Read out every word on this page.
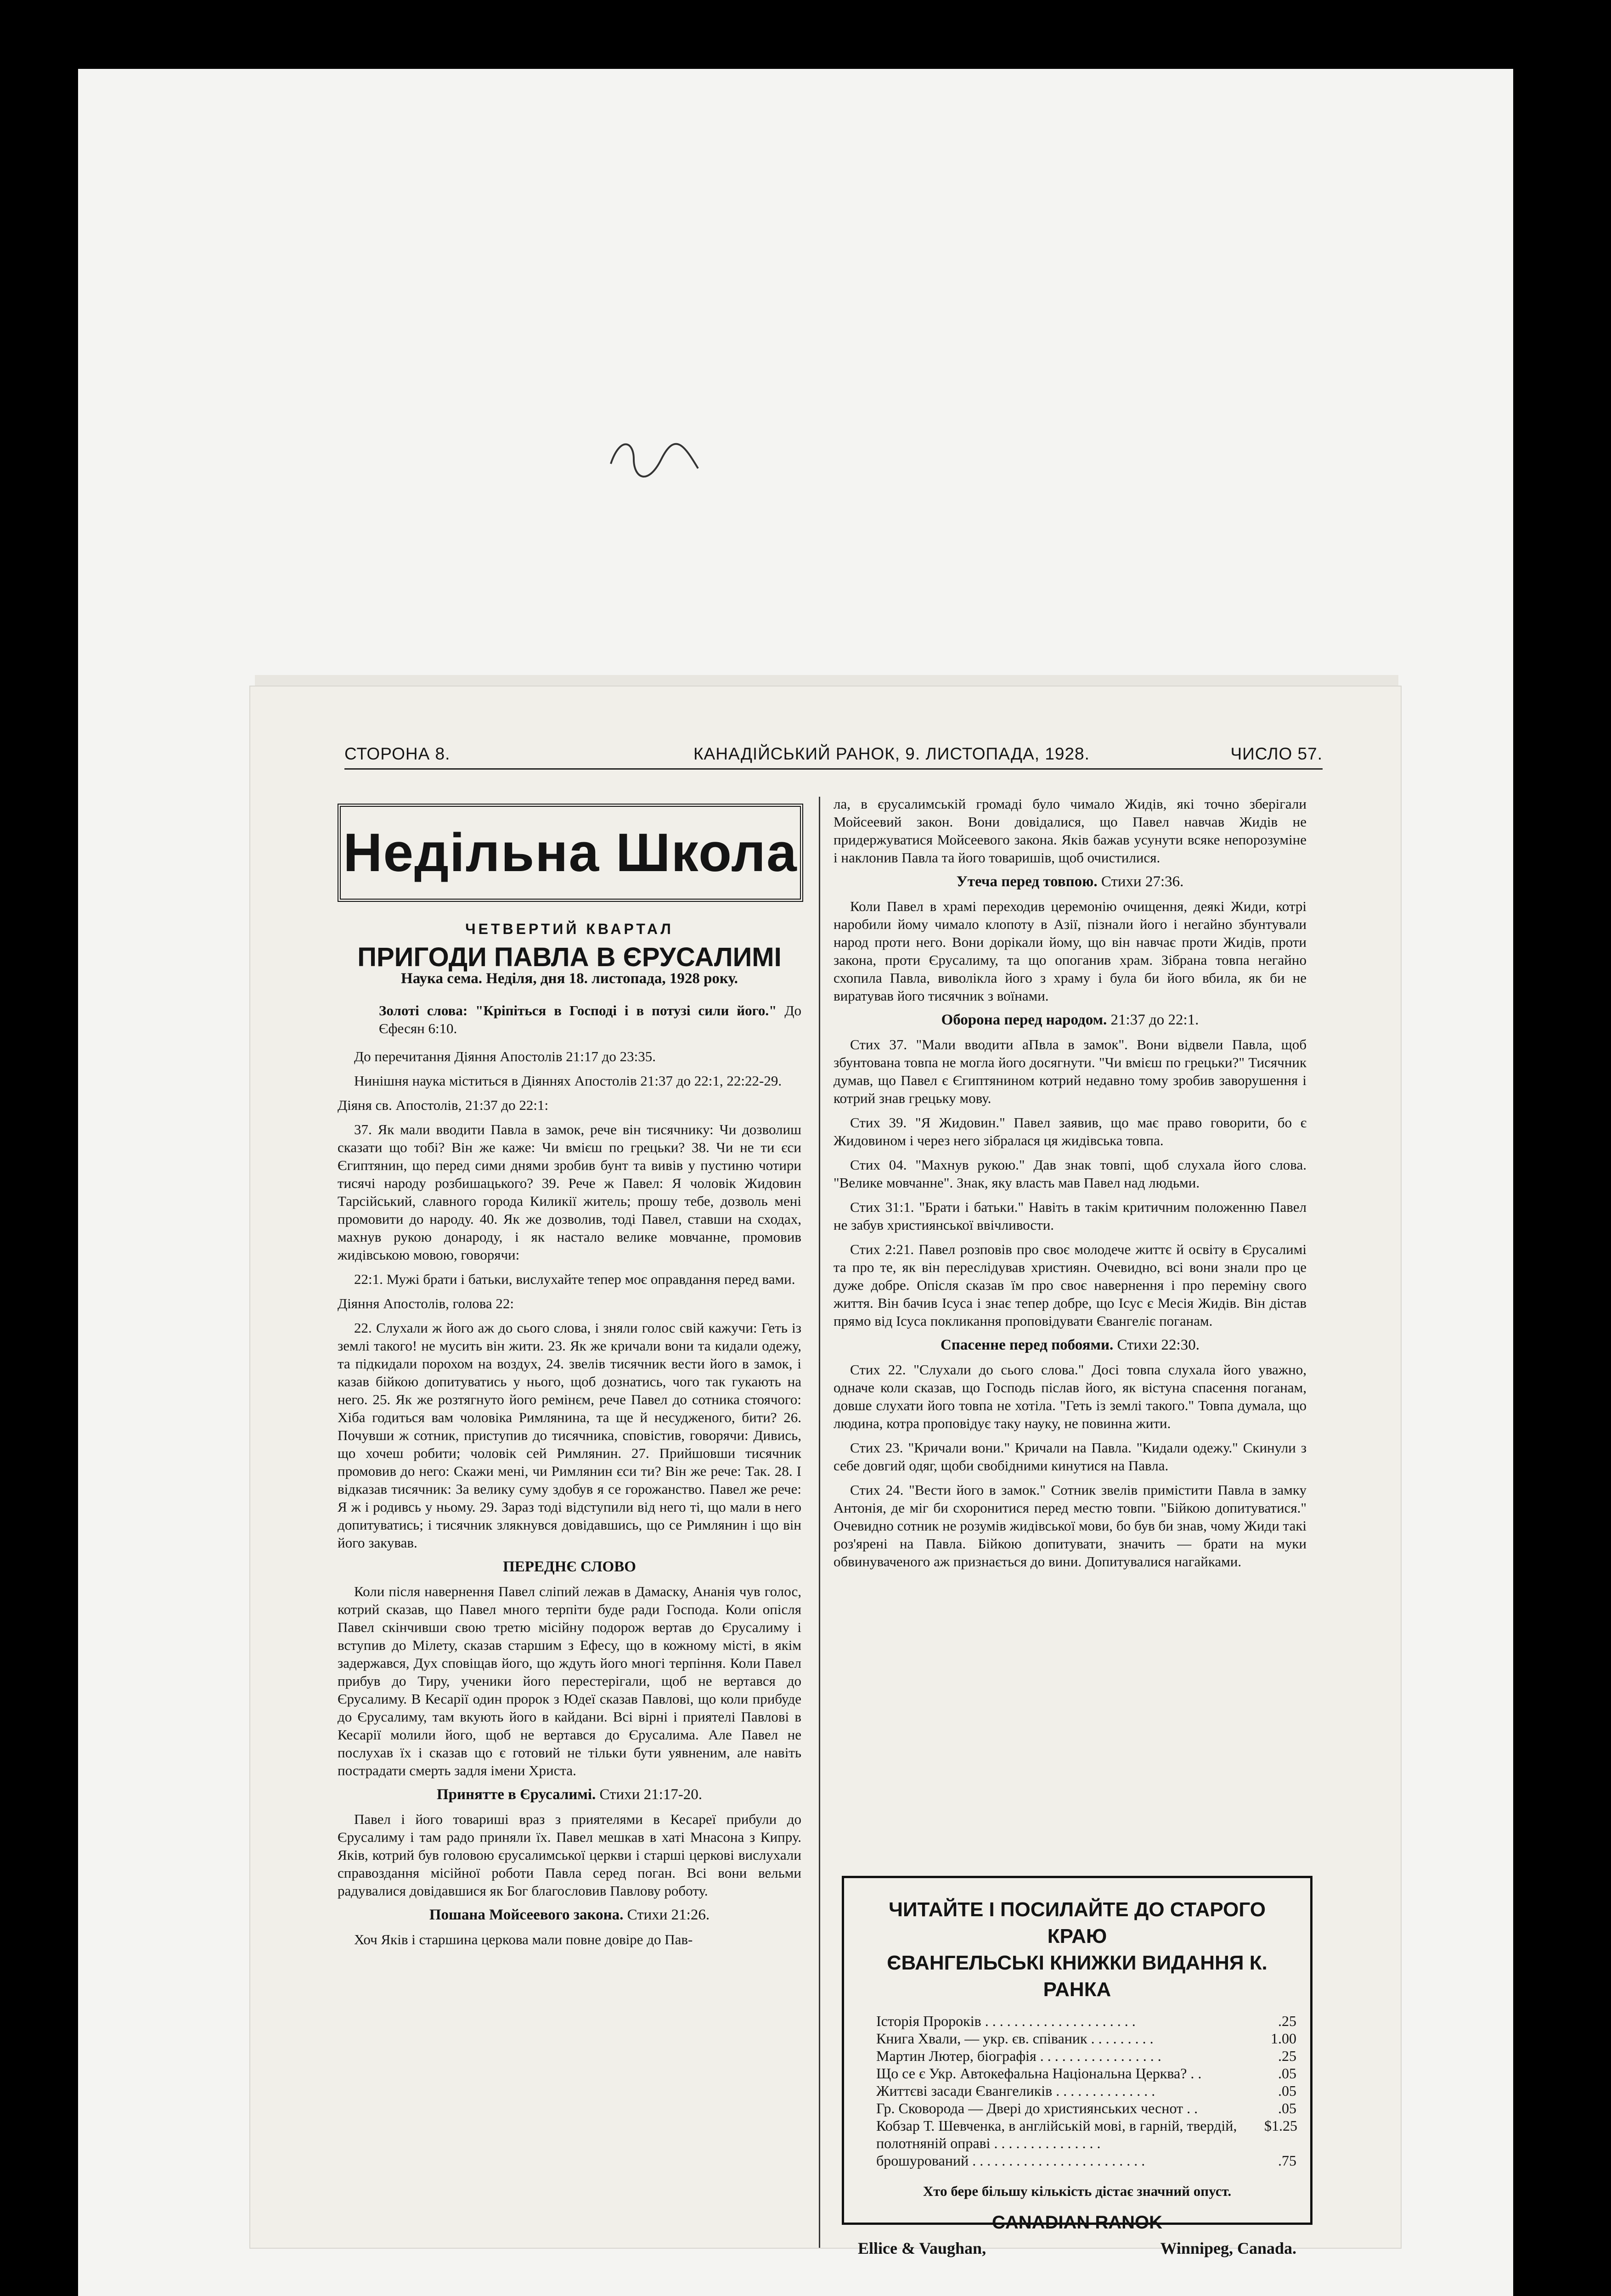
СТОРОНА 8.	КАНАДІЙСЬКИЙ РАНОК, 9. ЛИСТОПАДА, 1928.	ЧИСЛО 57.
Недільна Школа
ЧЕТВЕРТИЙ КВАРТАЛ
ПРИГОДИ ПАВЛА В ЄРУСАЛИМІ
Наука сема. Неділя, дня 18. листопада, 1928 року.
Золоті слова: "Кріпіться в Господі і в потузі сили його." До Єфесян 6:10.

До перечитання Діяння Апостолів 21:17 до 23:35.

Нинішня наука міститься в Діяннях Апостолів 21:37 до 22:1, 22:22-29.

Діяня св. Апостолів, 21:37 до 22:1:

37. Як мали вводити Павла в замок, рече він тисячнику: Чи дозволиш сказати що тобі? Він же каже: Чи вмієш по грецьки? 38. Чи не ти єси Єгиптянин, що перед сими днями зробив бунт та вивів у пустиню чотири тисячі народу розбишацького? 39. Рече ж Павел: Я чоловік Жидовин Тарсійський, славного города Киликії житель; прошу тебе, дозволь мені промовити до народу. 40. Як же дозволив, тоді Павел, ставши на сходах, махнув рукою донароду, і як настало велике мовчанне, промовив жидівською мовою, говорячи:

22:1. Мужі брати і батьки, вислухайте тепер моє оправдання перед вами.

Діяння Апостолів, голова 22:

22. Слухали ж його аж до сього слова, і зняли голос свій кажучи: Геть із землі такого! не мусить він жити. 23. Як же кричали вони та кидали одежу, та підкидали порохом на воздух, 24. звелів тисячник вести його в замок, і казав бійкою допитуватись у нього, щоб дознатись, чого так гукають на него. 25. Як же розтягнуто його ремінєм, рече Павел до сотника стоячого: Хіба годиться вам чоловіка Римлянина, та ще й несудженого, бити? 26. Почувши ж сотник, приступив до тисячника, сповістив, говорячи: Дивись, що хочеш робити; чоловік сей Римлянин. 27. Прийшовши тисячник промовив до него: Скажи мені, чи Римлянин єси ти? Він же рече: Так. 28. І відказав тисячник: За велику суму здобув я се горожанство. Павел же рече: Я ж і родивсь у ньому. 29. Зараз тоді відступили від него ті, що мали в него допитуватись; і тисячник злякнувся довідавшись, що се Римлянин і що він його закував.

ПЕРЕДНЄ СЛОВО

Коли після навернення Павел сліпий лежав в Дамаску, Ананія чув голос, котрий сказав, що Павел много терпіти буде ради Господа. Коли опісля Павел скінчивши свою третю місійну подорож вертав до Єрусалиму і вступив до Мілету, сказав старшим з Ефесу, що в кожному місті, в якім задержався, Дух сповіщав його, що ждуть його многі терпіння. Коли Павел прибув до Тиру, ученики його перестерігали, щоб не вертався до Єрусалиму. В Кесарії один пророк з Юдеї сказав Павлові, що коли прибуде до Єрусалиму, там вкують його в кайдани. Всі вірні і приятелі Павлові в Кесарії молили його, щоб не вертався до Єрусалима. Але Павел не послухав їх і сказав що є готовий не тільки бути уявненим, але навіть пострадати смерть задля імени Христа.

Принятте в Єрусалимі. Стихи 21:17-20.

Павел і його товариші враз з приятелями в Кесареї прибули до Єрусалиму і там радо приняли їх. Павел мешкав в хаті Мнасона з Кипру. Яків, котрий був головою єрусалимської церкви і старші церкові вислухали справоздання місійної роботи Павла серед поган. Всі вони вельми радувалися довідавшися як Бог благословив Павлову роботу.

Пошана Мойсеевого закона. Стихи 21:26.

Хоч Яків і старшина церкова мали повне довіре до Пав-

ла, в єрусалимській громаді було чимало Жидів, які точно зберігали Мойсеевий закон. Вони довідалися, що Павел навчав Жидів не придержуватися Мойсеевого закона. Яків бажав усунути всяке непорозуміне і наклонив Павла та його товаришів, щоб очистилися.

Утеча перед товпою. Стихи 27:36.

Коли Павел в храмі переходив церемонію очищення, деякі Жиди, котрі наробили йому чимало клопоту в Азії, пізнали його і негайно збунтували народ проти него. Вони дорікали йому, що він навчає проти Жидів, проти закона, проти Єрусалиму, та що опоганив храм. Зібрана товпа негайно схопила Павла, виволікла його з храму і була би його вбила, як би не виратував його тисячник з воїнами.

Оборона перед народом. 21:37 до 22:1.

Стих 37. "Мали вводити аПвла в замок". Вони відвели Павла, щоб збунтована товпа не могла його досягнути. "Чи вмієш по грецьки?" Тисячник думав, що Павел є Єгиптянином котрий недавно тому зробив заворушення і котрий знав грецьку мову.

Стих 39. "Я Жидовин." Павел заявив, що має право говорити, бо є Жидовином і через него зібралася ця жидівська товпа.

Стих 04. "Махнув рукою." Дав знак товпі, щоб слухала його слова. "Велике мовчанне". Знак, яку власть мав Павел над людьми.

Стих 31:1. "Брати і батьки." Навіть в такім критичним положенню Павел не забув християнської ввічливости.

Стих 2:21. Павел розповів про своє молодече життє й освіту в Єрусалимі та про те, як він переслідував християн. Очевидно, всі вони знали про це дуже добре. Опісля сказав їм про своє навернення і про переміну свого життя. Він бачив Ісуса і знає тепер добре, що Ісус є Месія Жидів. Він дістав прямо від Ісуса покликання проповідувати Євангеліє поганам.

Спасенне перед побоями. Стихи 22:30.

Стих 22. "Слухали до сього слова." Досі товпа слухала його уважно, одначе коли сказав, що Господь післав його, як вістуна спасення поганам, довше слухати його товпа не хотіла. "Геть із землі такого." Товпа думала, що людина, котра проповідує таку науку, не повинна жити.

Стих 23. "Кричали вони." Кричали на Павла. "Кидали одежу." Скинули з себе довгий одяг, щоби свобідними кинутися на Павла.

Стих 24. "Вести його в замок." Сотник звелів примістити Павла в замку Антонія, де міг би схоронитися перед местю товпи. "Бійкою допитуватися." Очевидно сотник не розумів жидівської мови, бо був би знав, чому Жиди такі роз'ярені на Павла. Бійкою допитувати, значить — брати на муки обвинуваченого аж признається до вини. Допитувалися нагайками.

ЧИТАЙТЕ І ПОСИЛАЙТЕ ДО СТАРОГО КРАЮ
ЄВАНГЕЛЬСЬКІ КНИЖКИ ВИДАННЯ К. РАНКА
Історія Пророків . . . . . . . . . . . . . . . . . . . . .	.25
Книга Хвали, — укр. єв. співаник . . . . . . . . .	1.00
Мартин Лютер, біографія . . . . . . . . . . . . . . . . .	.25
Що се є Укр. Автокефальна Національна Церква? . .	.05
Життєві засади Євангеликів . . . . . . . . . . . . . .	.05
Гр. Сковорода — Двері до християнських чеснот . .	.05
Кобзар Т. Шевченка, в англійській мові, в гарній, твердій, полотняній оправі . . . . . . . . . . . . . . .
$1.25
брошурований . . . . . . . . . . . . . . . . . . . . . . . .	.75
Хто бере більшу кількість дістає значний опуст.
CANADIAN RANOK
Ellice & Vaughan,	Winnipeg, Canada.
